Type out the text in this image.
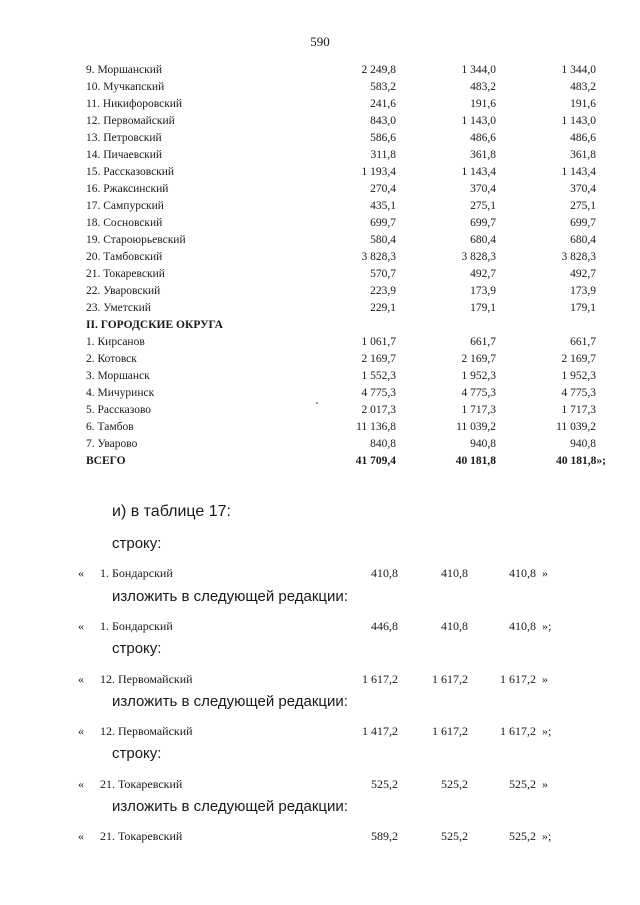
590
9. Моршанский	2 249,8	1 344,0	1 344,0
10. Мучкапский	583,2	483,2	483,2
11. Никифоровский	241,6	191,6	191,6
12. Первомайский	843,0	1 143,0	1 143,0
13. Петровский	586,6	486,6	486,6
14. Пичаевский	311,8	361,8	361,8
15. Рассказовский	1 193,4	1 143,4	1 143,4
16. Ржаксинский	270,4	370,4	370,4
17. Сампурский	435,1	275,1	275,1
18. Сосновский	699,7	699,7	699,7
19. Староюрьевский	580,4	680,4	680,4
20. Тамбовский	3 828,3	3 828,3	3 828,3
21. Токаревский	570,7	492,7	492,7
22. Уваровский	223,9	173,9	173,9
23. Уметский	229,1	179,1	179,1
II. ГОРОДСКИЕ ОКРУГА
1. Кирсанов	1 061,7	661,7	661,7
2. Котовск	2 169,7	2 169,7	2 169,7
3. Моршанск	1 552,3	1 952,3	1 952,3
4. Мичуринск	4 775,3	4 775,3	4 775,3
5. Рассказово	2 017,3	1 717,3	1 717,3
6. Тамбов	11 136,8	11 039,2	11 039,2
7. Уварово	840,8	940,8	940,8
ВСЕГО	41 709,4	40 181,8	40 181,8»;
и) в таблице 17:
строку:
« 1. Бондарский	410,8	410,8	410,8 »
изложить в следующей редакции:
« 1. Бондарский	446,8	410,8	410,8 »;
строку:
« 12. Первомайский	1 617,2	1 617,2	1 617,2 »
изложить в следующей редакции:
« 12. Первомайский	1 417,2	1 617,2	1 617,2 »;
строку:
« 21. Токаревский	525,2	525,2	525,2 »
изложить в следующей редакции:
« 21. Токаревский	589,2	525,2	525,2 »;
